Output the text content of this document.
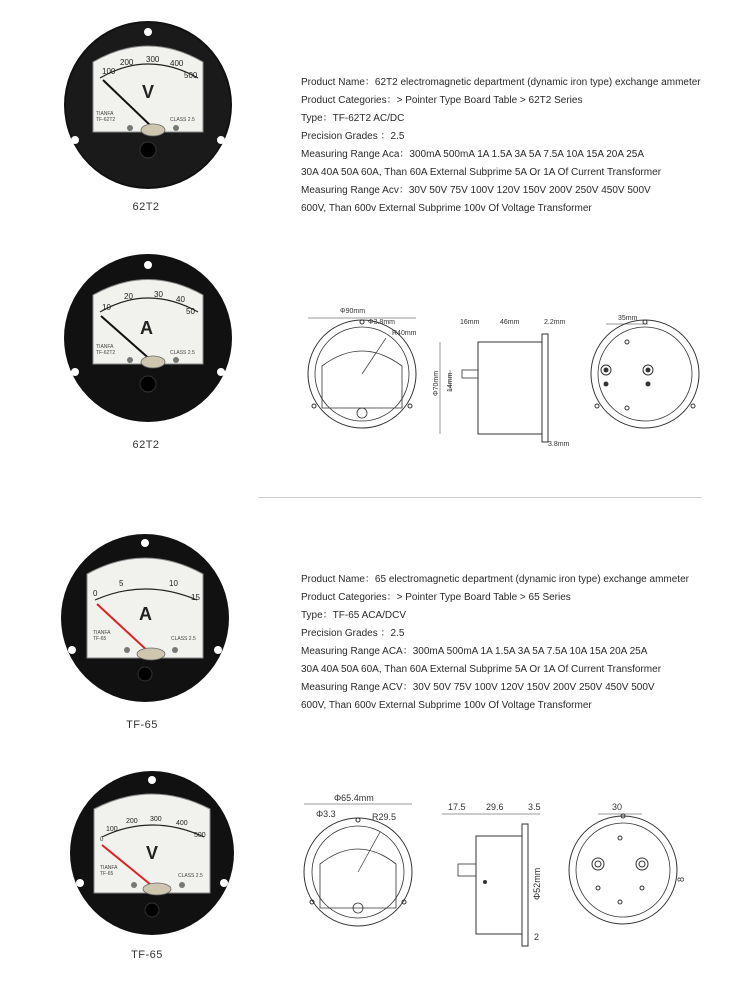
100
200 300 400
500
V
TIANFA
TF-62T2	CLASS 2.5
62T2
Product Name：62T2 electromagnetic department (dynamic iron type) exchange ammeter
Product Categories：> Pointer Type Board Table > 62T2 Series
Type：TF-62T2 AC/DC
Precision Grades ：2.5
Measuring Range Aca：300mA 500mA 1A 1.5A 3A 5A 7.5A 10A 15A 20A 25A
30A 40A 50A 60A, Than 60A External Subprime 5A Or 1A Of Current Transformer
Measuring Range Acv：30V 50V 75V 100V 120V 150V 200V 250V 450V 500V
600V, Than 600v External Subprime 100v Of Voltage Transformer
10
20	30
40
50
A
TIANFA
TF-62T2	CLASS 2.5
62T2
Φ90mm
Φ3.8mm
R40mm
16mm	46mm	2.2mm
Φ70mm 14mm
3.8mm
35mm
0
5	10
15
A
TIANFA
TF-65	CLASS 2.5
TF-65
Product Name：65 electromagnetic department (dynamic iron type) exchange ammeter
Product Categories：> Pointer Type Board Table > 65 Series
Type：TF-65 ACA/DCV
Precision Grades ：2.5
Measuring Range ACA：300mA 500mA 1A 1.5A 3A 5A 7.5A 10A 15A 20A 25A
30A 40A 50A 60A, Than 60A External Subprime 5A Or 1A Of Current Transformer
Measuring Range ACV：30V 50V 75V 100V 120V 150V 200V 250V 450V 500V
600V, Than 600v External Subprime 100v Of Voltage Transformer
0
100
200 300
400
500
V
TIANFA
TF-65	CLASS 2.5
TF-65
Φ65.4mm
Φ3.3	R29.5
17.5 29.6	3.5
Φ52mm
2
30
8
